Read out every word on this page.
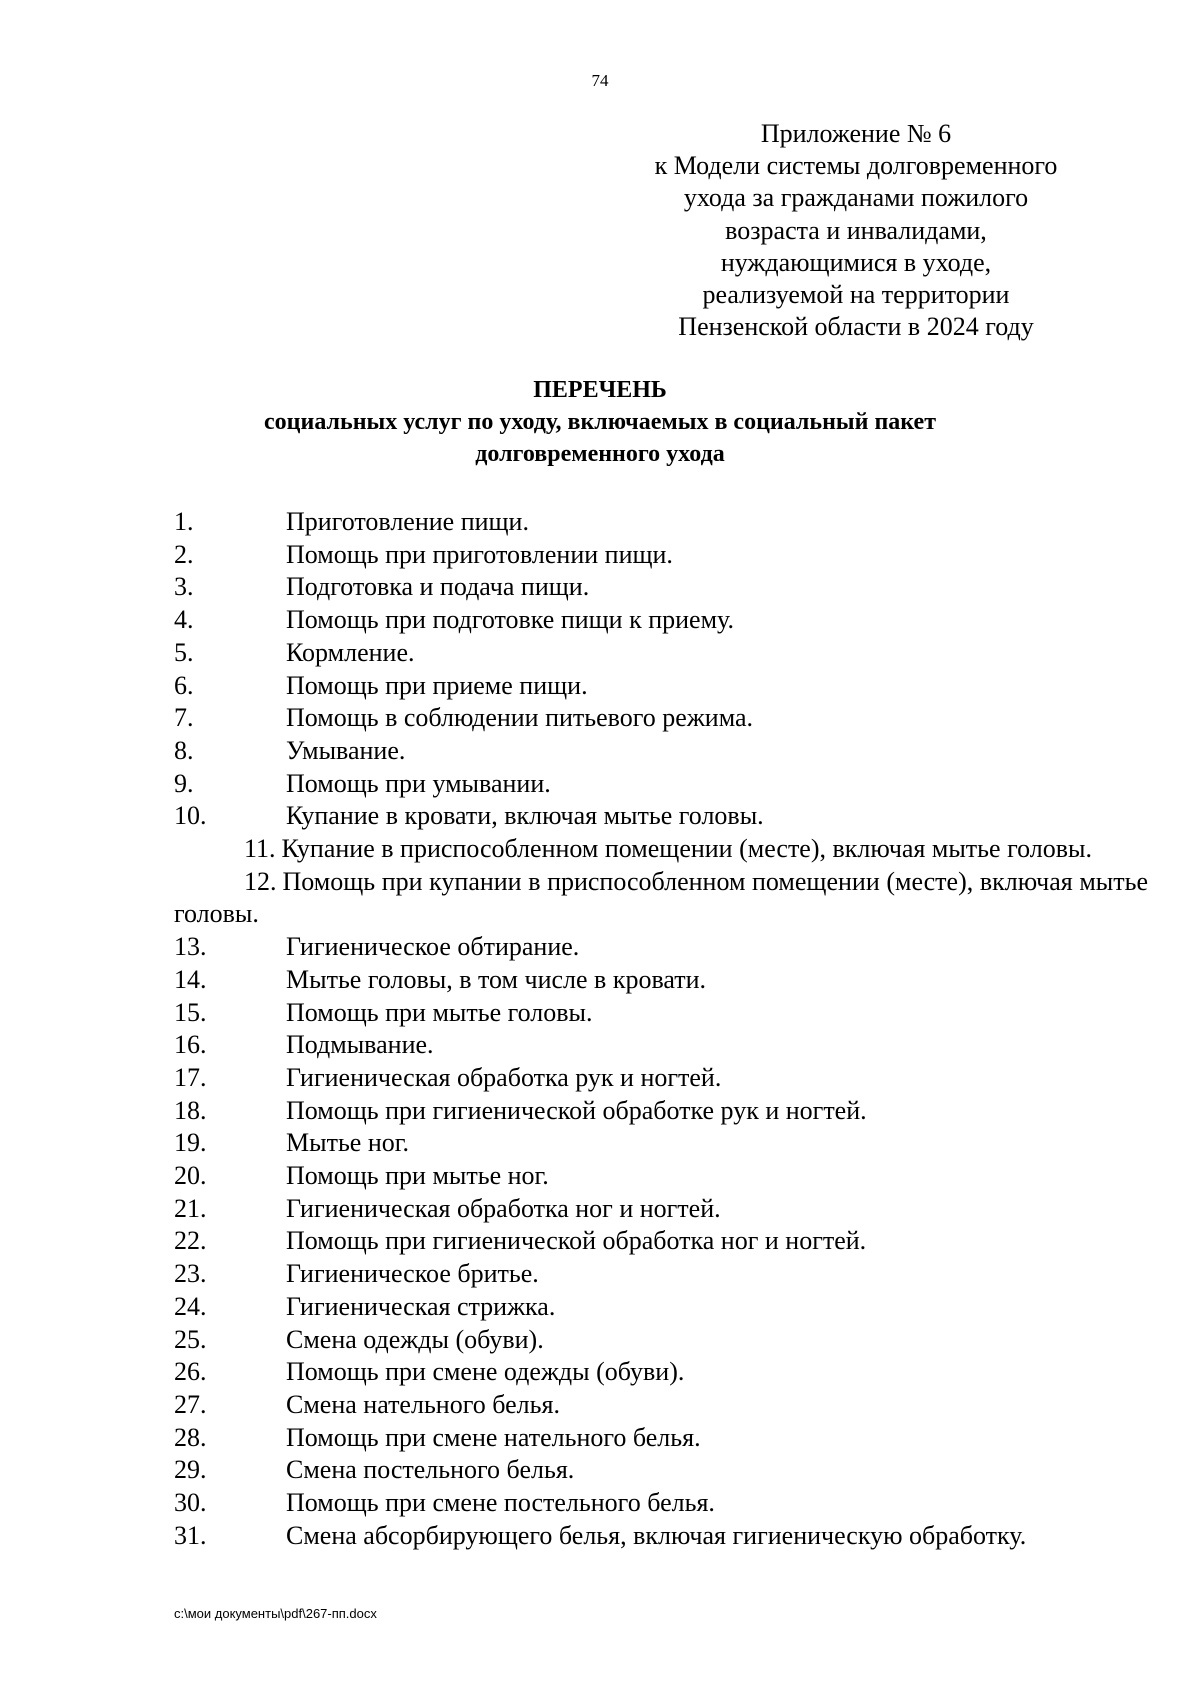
74
Приложение № 6
к Модели системы долговременного
ухода за гражданами пожилого
возраста и инвалидами,
нуждающимися в уходе,
реализуемой на территории
Пензенской области в 2024 году
ПЕРЕЧЕНЬ
социальных услуг по уходу, включаемых в социальный пакет
долговременного ухода
1.	Приготовление пищи.
2.	Помощь при приготовлении пищи.
3.	Подготовка и подача пищи.
4.	Помощь при подготовке пищи к приему.
5.	Кормление.
6.	Помощь при приеме пищи.
7.	Помощь в соблюдении питьевого режима.
8.	Умывание.
9.	Помощь при умывании.
10.	Купание в кровати, включая мытье головы.
11. Купание в приспособленном помещении (месте), включая мытье головы.
12. Помощь при купании в приспособленном помещении (месте), включая мытье головы.
13.	Гигиеническое обтирание.
14.	Мытье головы, в том числе в кровати.
15.	Помощь при мытье головы.
16.	Подмывание.
17.	Гигиеническая обработка рук и ногтей.
18.	Помощь при гигиенической обработке рук и ногтей.
19.	Мытье ног.
20.	Помощь при мытье ног.
21.	Гигиеническая обработка ног и ногтей.
22.	Помощь при гигиенической обработка ног и ногтей.
23.	Гигиеническое бритье.
24.	Гигиеническая стрижка.
25.	Смена одежды (обуви).
26.	Помощь при смене одежды (обуви).
27.	Смена нательного белья.
28.	Помощь при смене нательного белья.
29.	Смена постельного белья.
30.	Помощь при смене постельного белья.
31.	Смена абсорбирующего белья, включая гигиеническую обработку.
c:\мои документы\pdf\267-пп.docx
